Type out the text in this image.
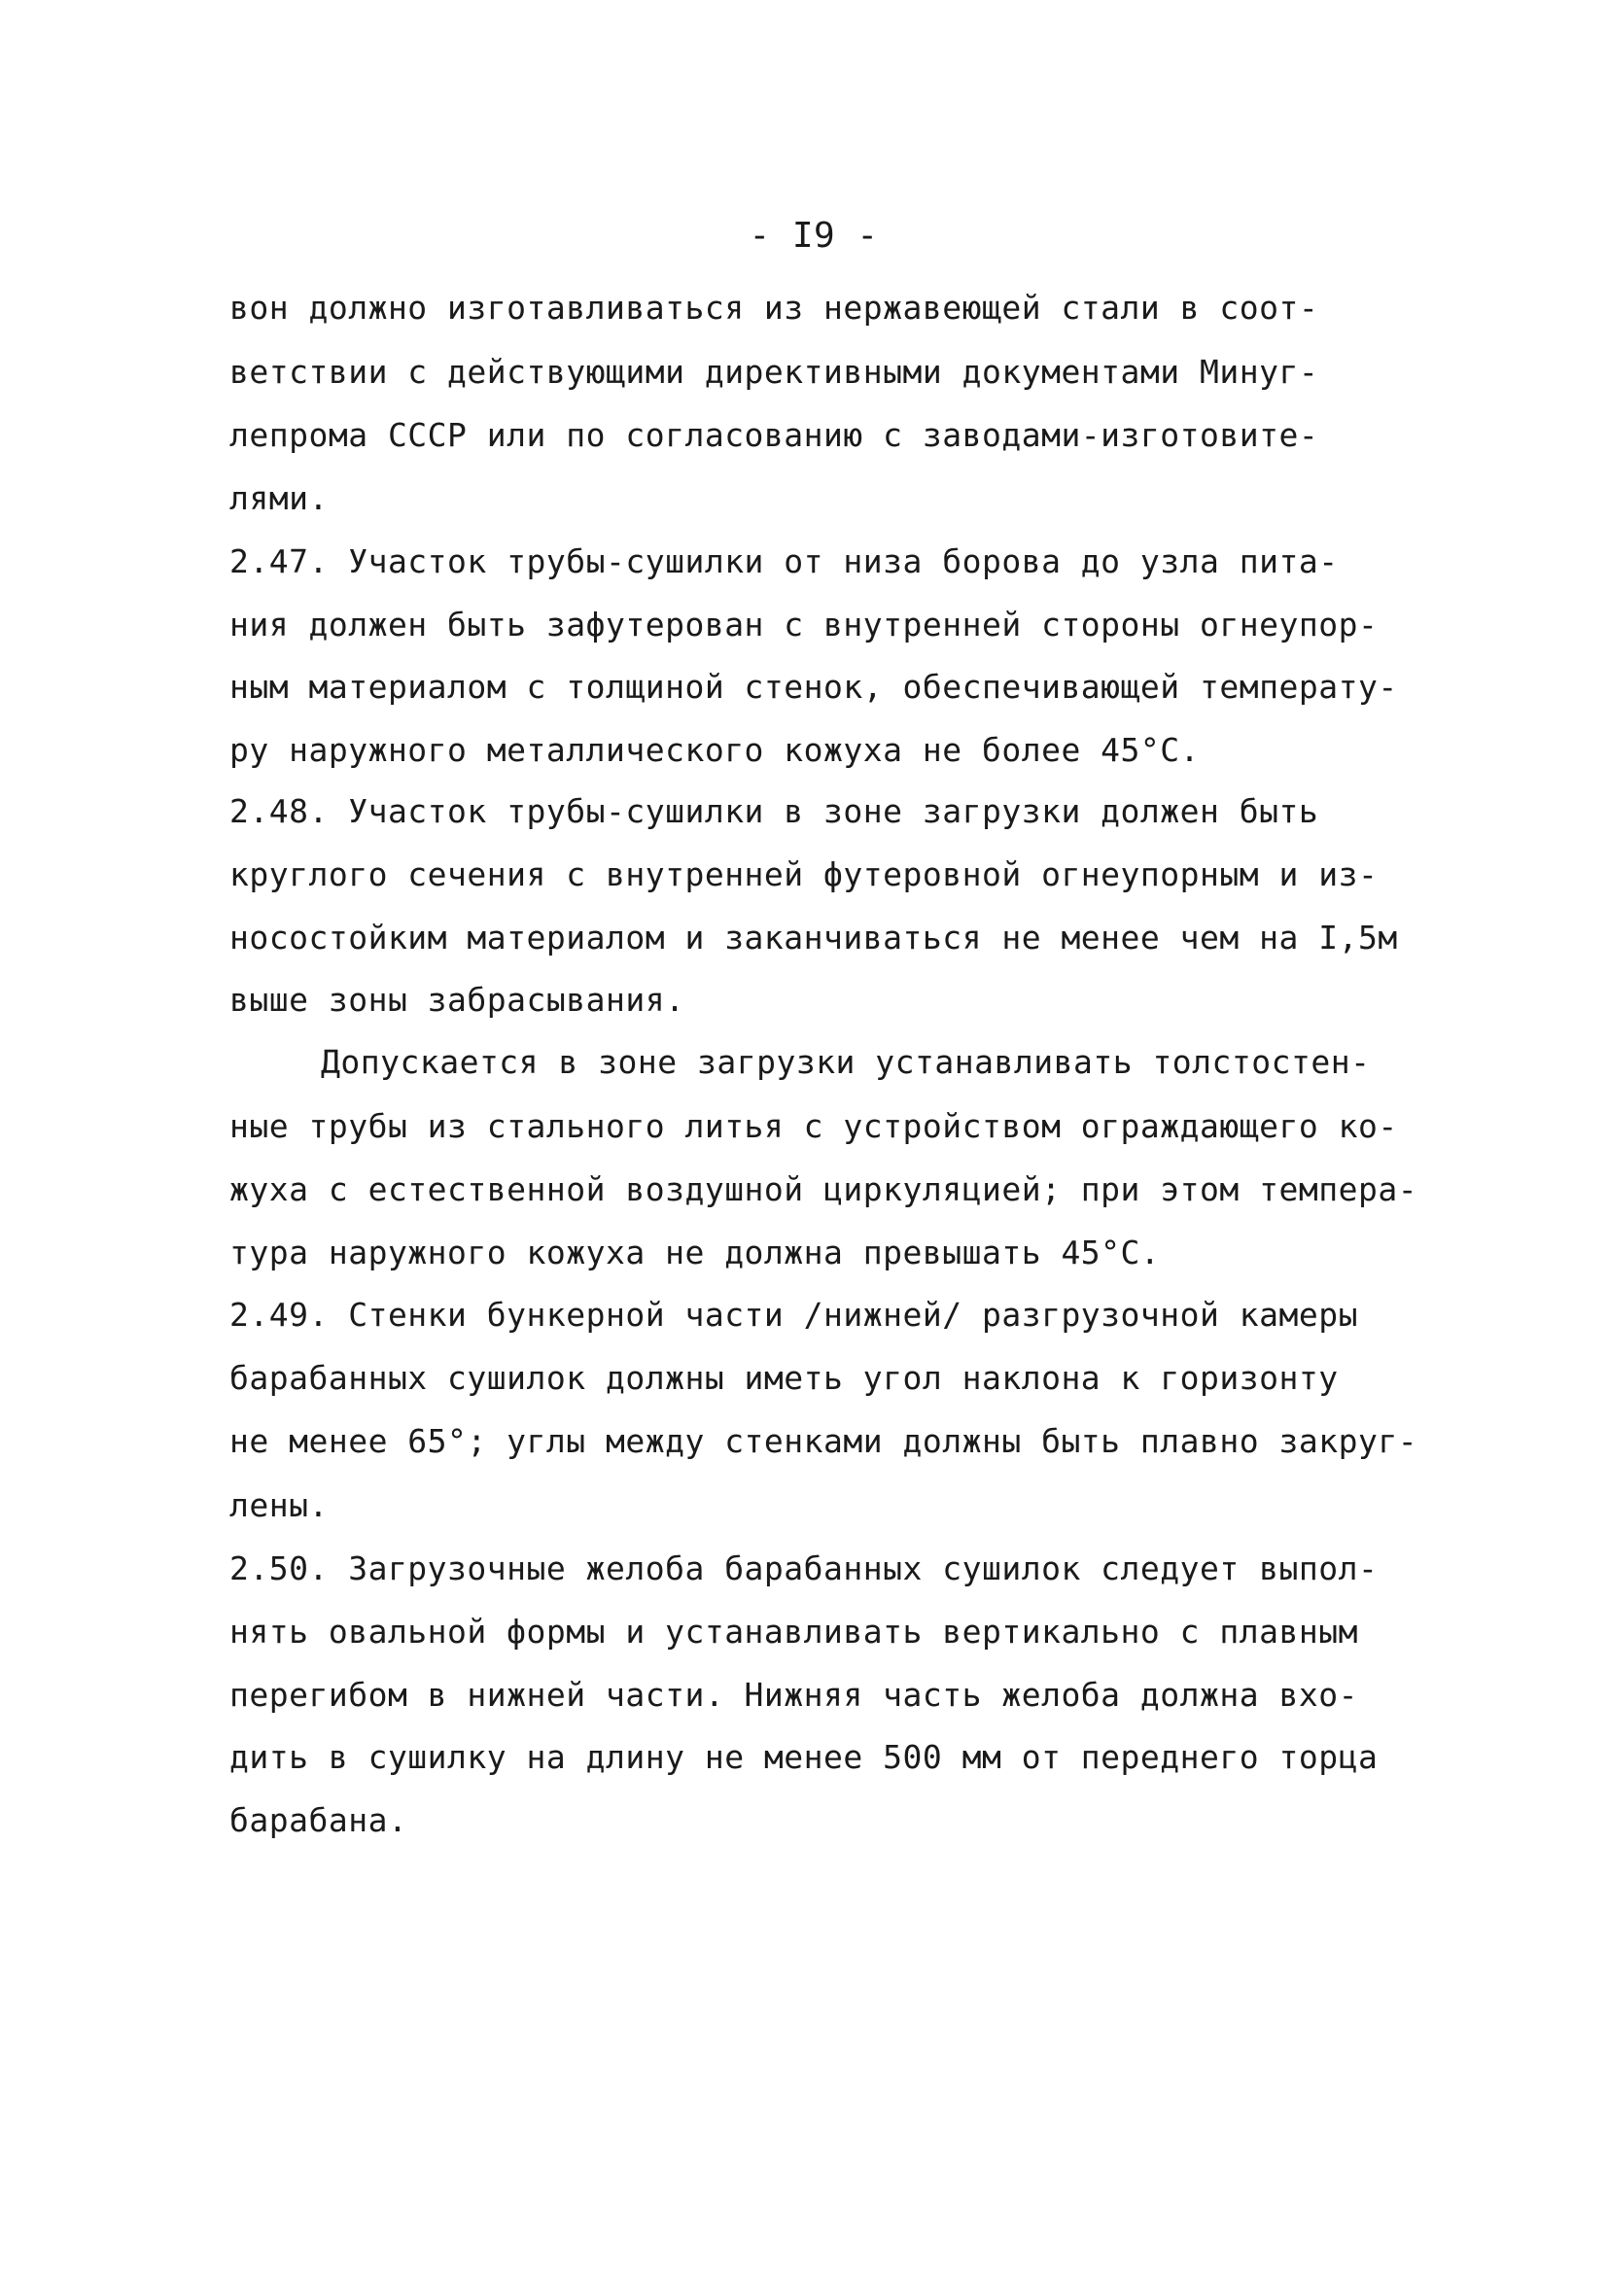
- I9 -
вон должно изготавливаться из нержавеющей стали в соот-
ветствии с действующими директивными документами Минуг-
лепрома СССР или по согласованию с заводами-изготовите-
лями.
2.47. Участок трубы-сушилки от низа борова до узла пита-
ния должен быть зафутерован с внутренней стороны огнеупор-
ным материалом с толщиной стенок, обеспечивающей температу-
ру наружного металлического кожуха не более 45°С.
2.48. Участок трубы-сушилки в зоне загрузки должен быть
круглого сечения с внутренней футеровной огнеупорным и из-
носостойким материалом и заканчиваться не менее чем на I,5м
выше зоны забрасывания.
Допускается в зоне загрузки устанавливать толстостен-
ные трубы из стального литья с устройством ограждающего ко-
жуха с естественной воздушной циркуляцией; при этом темпера-
тура наружного кожуха не должна превышать 45°С.
2.49. Стенки бункерной части /нижней/ разгрузочной камеры
барабанных сушилок должны иметь угол наклона к горизонту
не менее 65°; углы между стенками должны быть плавно закруг-
лены.
2.50. Загрузочные желоба барабанных сушилок следует выпол-
нять овальной формы и устанавливать вертикально с плавным
перегибом в нижней части. Нижняя часть желоба должна вхо-
дить в сушилку на длину не менее 500 мм от переднего торца
барабана.
